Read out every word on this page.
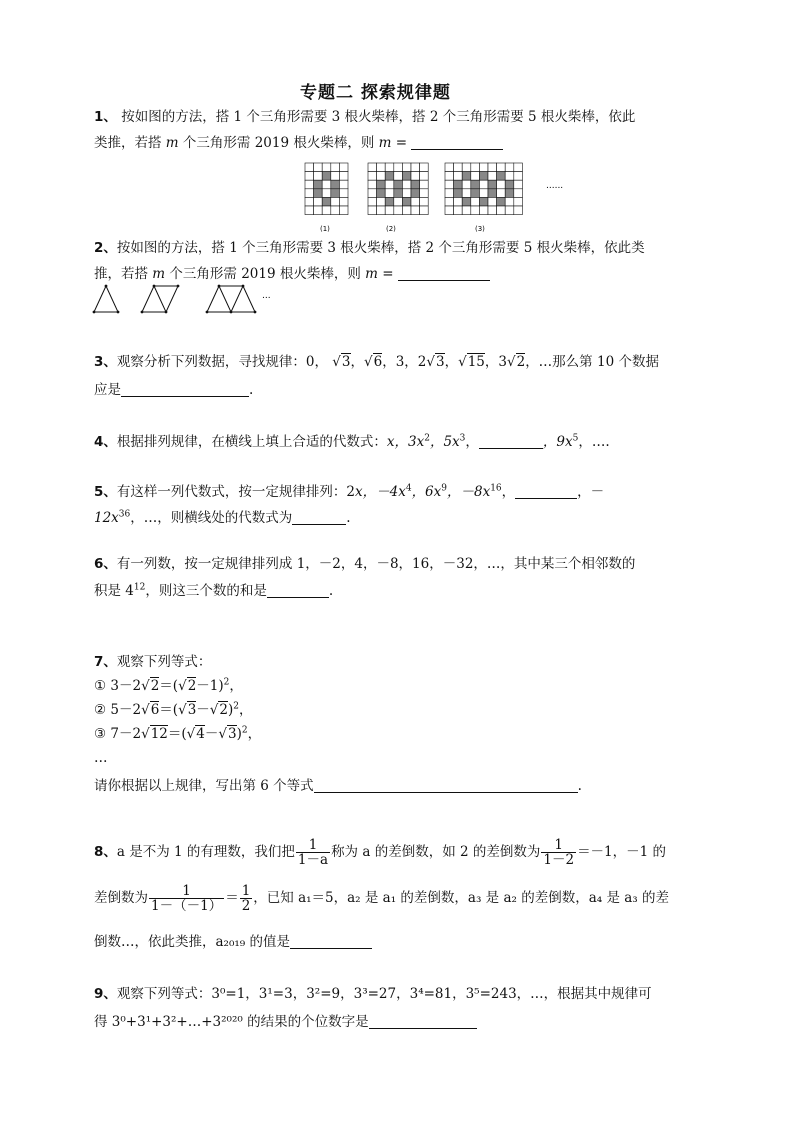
专题二 探索规律题
1、 按如图的方法，搭 1 个三角形需要 3 根火柴棒，搭 2 个三角形需要 5 根火柴棒，依此
类推，若搭 m 个三角形需 2019 根火柴棒，则 m =
(1)	(2)	(3)
......
2、按如图的方法，搭 1 个三角形需要 3 根火柴棒，搭 2 个三角形需要 5 根火柴棒，依此类
推，若搭 m 个三角形需 2019 根火柴棒，则 m =
...
3、观察分析下列数据，寻找规律：0， √3，√6，3，2√3，√15，3√2，…那么第 10 个数据
应是	.
4、根据排列规律，在横线上填上合适的代数式：x，$3x^2$，$5x^3$，	，$9x^5$，….
5、有这样一列代数式，按一定规律排列：2x，$-4x^4$，$6x^9$，$-8x^{16}$，	，－
$12x^{36}$，…，则横线处的代数式为	.
6、有一列数，按一定规律排列成 1，－2，4，－8，16，－32，…，其中某三个相邻数的
积是 $4^{12}$，则这三个数的和是	.
7、观察下列等式：
① $3-2√2=(√2-1)^2$，
② $5-2√6=(√3-√2)^2$，
③ $7-2√12=(√4-√3)^2$，
…
请你根据以上规律，写出第 6 个等式	.
8、a 是不为 1 的有理数，我们把 $\frac{1}{1-a}$ 称为 a 的差倒数，如 2 的差倒数为 $\frac{1}{1-2} =-1$，－1 的
差倒数为 $\frac{1}{1-(-1)} = \frac{1}{2}$ ，已知 a₁＝5，a₂ 是 a₁ 的差倒数，a₃ 是 a₂ 的差倒数，a₄ 是 a₃ 的差
倒数…，依此类推，a₂₀₁₉ 的值是
9、观察下列等式：3⁰=1，3¹=3，3²=9，3³=27，3⁴=81，3⁵=243，…，根据其中规律可
得 3⁰+3¹+3²+…+3²⁰²⁰ 的结果的个位数字是
